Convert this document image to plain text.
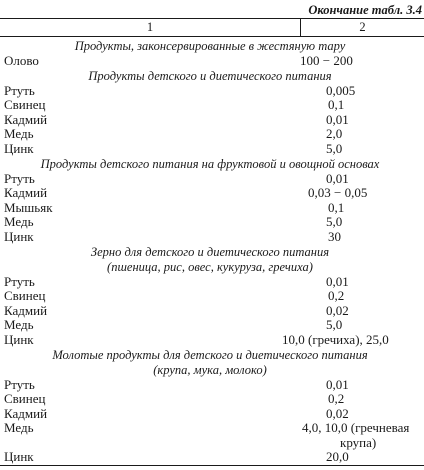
Окончание табл. 3.4
1	2
Продукты, законсервированные в жестяную тару
Олово	100 − 200
Продукты детского и диетического питания
Ртуть	0,005
Свинец	0,1
Кадмий	0,01
Медь	2,0
Цинк	5,0
Продукты детского питания на фруктовой и овощной основах
Ртуть	0,01
Кадмий	0,03 − 0,05
Мышьяк	0,1
Медь	5,0
Цинк	30
Зерно для детского и диетического питания
(пшеница, рис, овес, кукуруза, гречиха)
Ртуть	0,01
Свинец	0,2
Кадмий	0,02
Медь	5,0
Цинк	10,0 (гречиха), 25,0
Молотые продукты для детского и диетического питания
(крупа, мука, молоко)
Ртуть	0,01
Свинец	0,2
Кадмий	0,02
Медь	4,0, 10,0 (гречневая
крупа)
Цинк	20,0
